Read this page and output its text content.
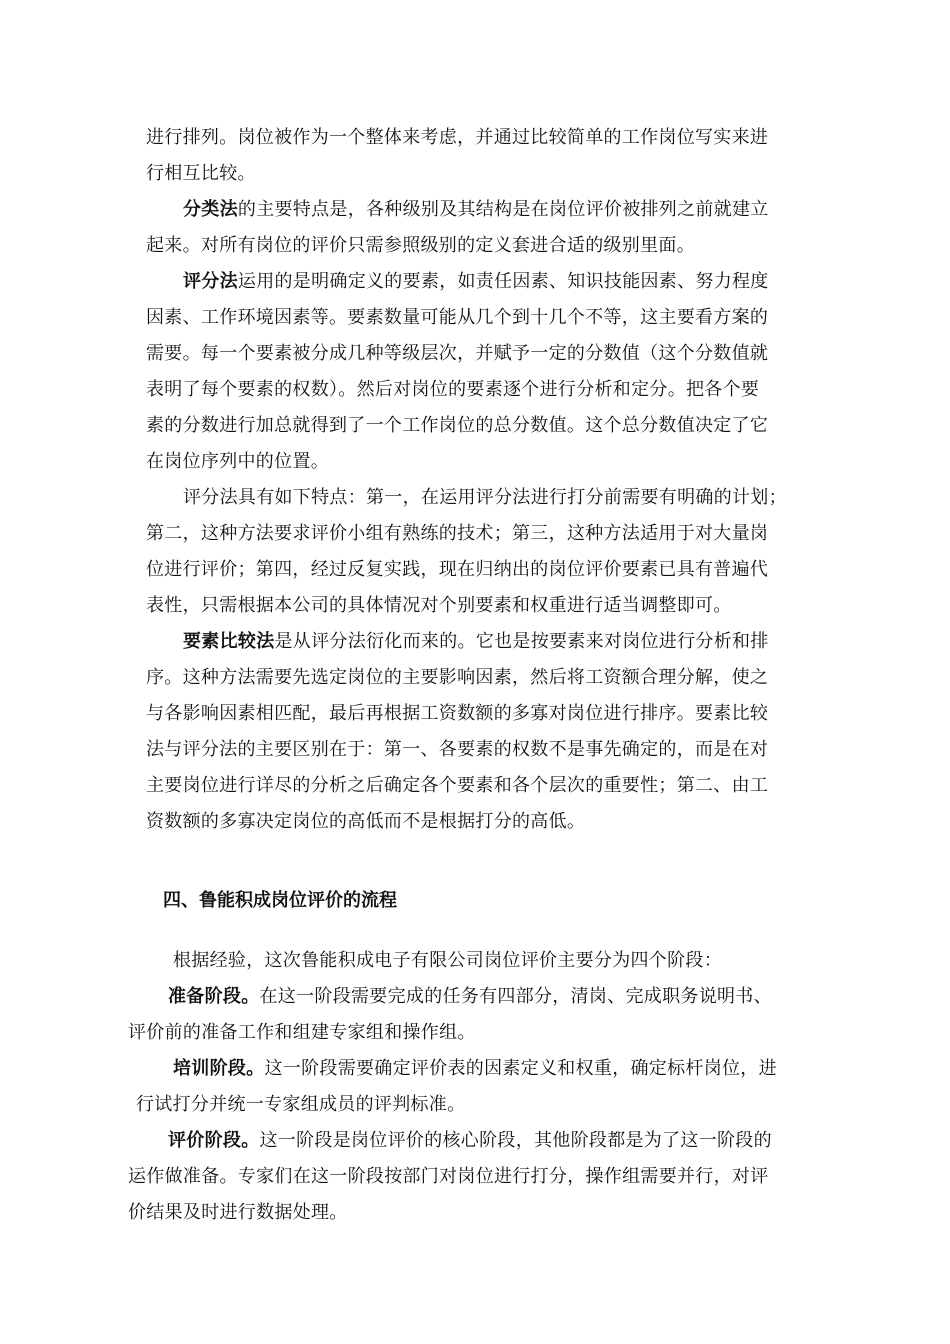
进行排列。岗位被作为一个整体来考虑，并通过比较简单的工作岗位写实来进
行相互比较。
分类法的主要特点是，各种级别及其结构是在岗位评价被排列之前就建立
起来。对所有岗位的评价只需参照级别的定义套进合适的级别里面。
评分法运用的是明确定义的要素，如责任因素、知识技能因素、努力程度
因素、工作环境因素等。要素数量可能从几个到十几个不等，这主要看方案的
需要。每一个要素被分成几种等级层次，并赋予一定的分数值（这个分数值就
表明了每个要素的权数）。然后对岗位的要素逐个进行分析和定分。把各个要
素的分数进行加总就得到了一个工作岗位的总分数值。这个总分数值决定了它
在岗位序列中的位置。
评分法具有如下特点：第一，在运用评分法进行打分前需要有明确的计划；
第二，这种方法要求评价小组有熟练的技术；第三，这种方法适用于对大量岗
位进行评价；第四，经过反复实践，现在归纳出的岗位评价要素已具有普遍代
表性，只需根据本公司的具体情况对个别要素和权重进行适当调整即可。
要素比较法是从评分法衍化而来的。它也是按要素来对岗位进行分析和排
序。这种方法需要先选定岗位的主要影响因素，然后将工资额合理分解，使之
与各影响因素相匹配，最后再根据工资数额的多寡对岗位进行排序。要素比较
法与评分法的主要区别在于：第一、各要素的权数不是事先确定的，而是在对
主要岗位进行详尽的分析之后确定各个要素和各个层次的重要性；第二、由工
资数额的多寡决定岗位的高低而不是根据打分的高低。
四、鲁能积成岗位评价的流程
根据经验，这次鲁能积成电子有限公司岗位评价主要分为四个阶段：
准备阶段。在这一阶段需要完成的任务有四部分，清岗、完成职务说明书、
评价前的准备工作和组建专家组和操作组。
培训阶段。这一阶段需要确定评价表的因素定义和权重，确定标杆岗位，进
行试打分并统一专家组成员的评判标准。
评价阶段。这一阶段是岗位评价的核心阶段，其他阶段都是为了这一阶段的
运作做准备。专家们在这一阶段按部门对岗位进行打分，操作组需要并行，对评
价结果及时进行数据处理。
